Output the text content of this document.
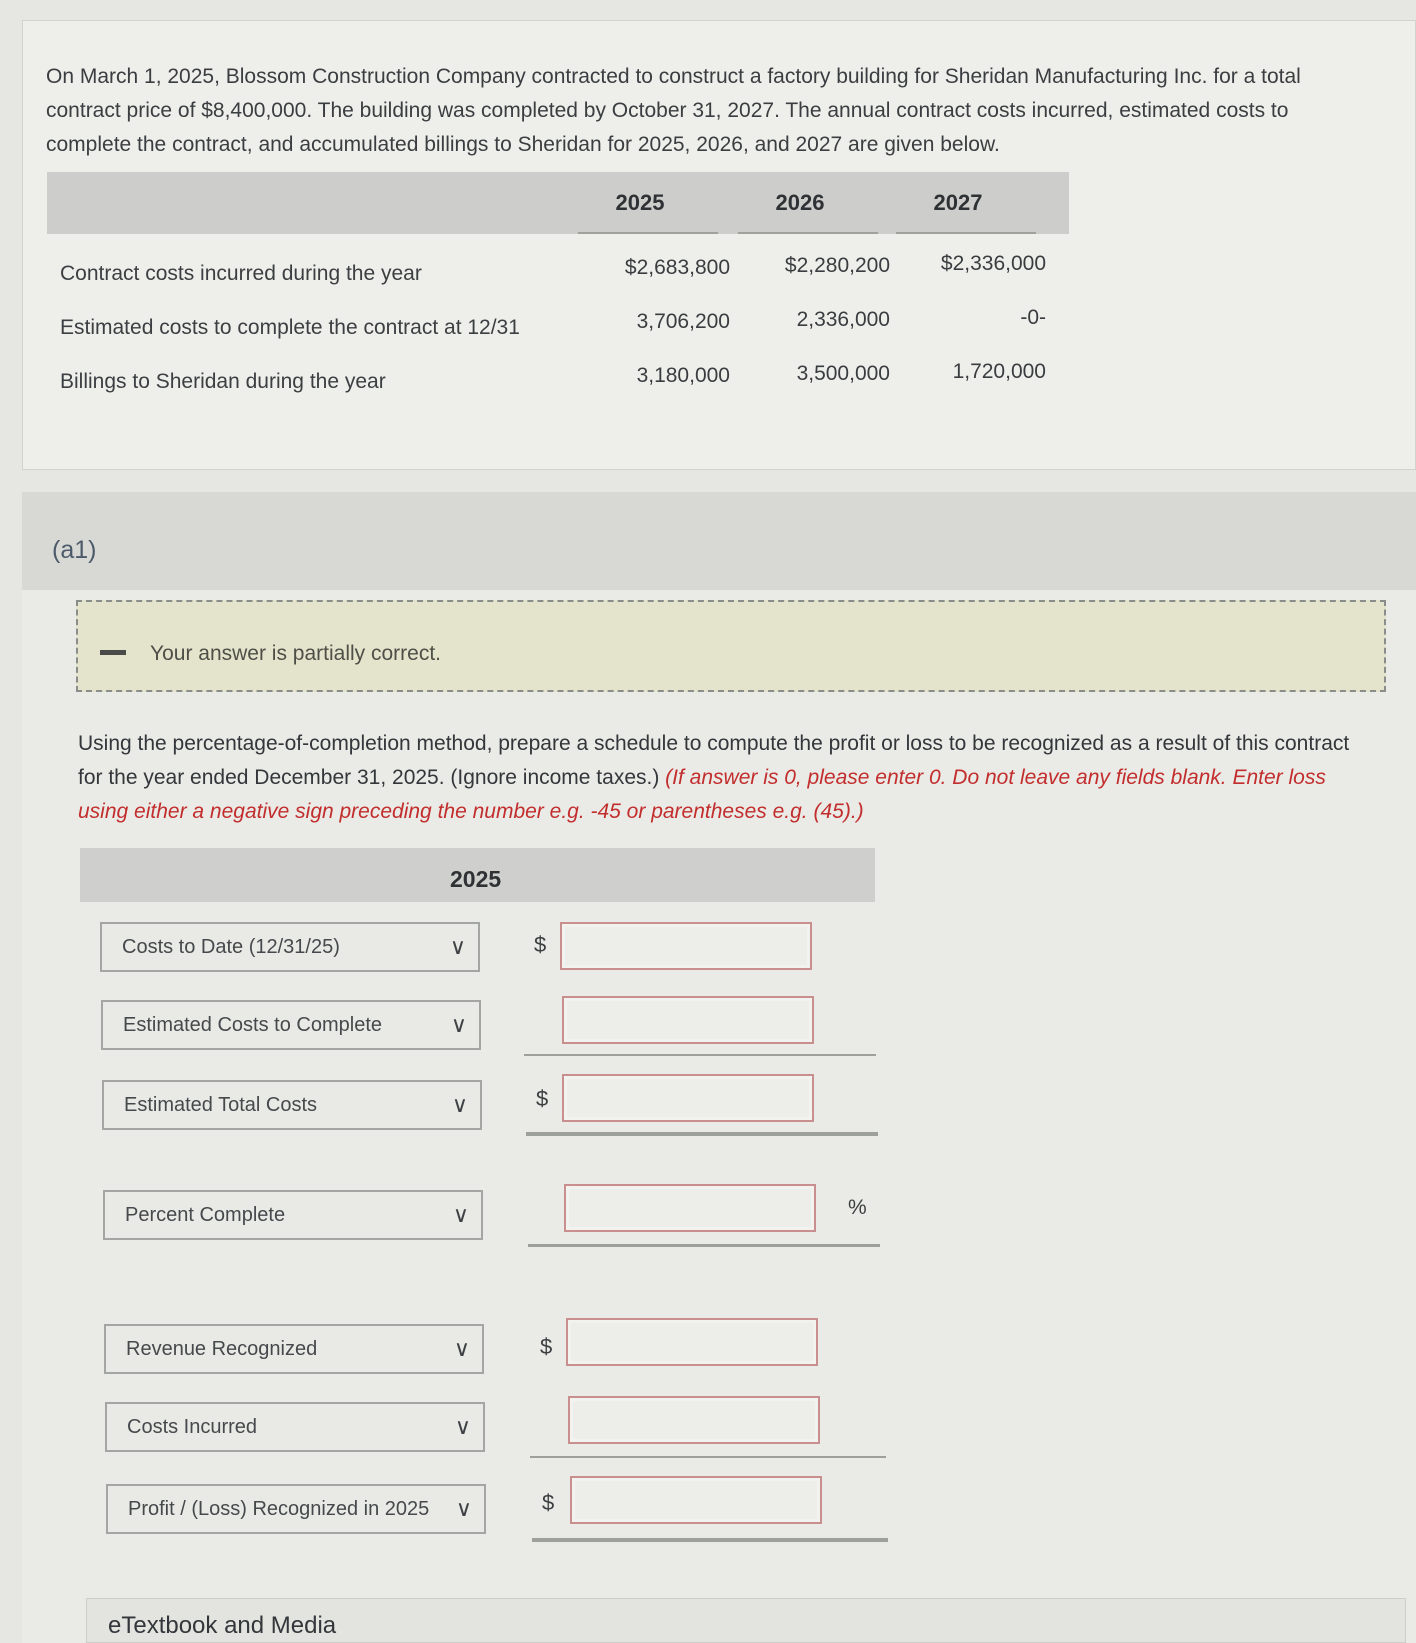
On March 1, 2025, Blossom Construction Company contracted to construct a factory building for Sheridan Manufacturing Inc. for a total contract price of $8,400,000. The building was completed by October 31, 2027. The annual contract costs incurred, estimated costs to complete the contract, and accumulated billings to Sheridan for 2025, 2026, and 2027 are given below.
2025	2026	2027
Contract costs incurred during the year	$2,683,800	$2,280,200	$2,336,000
Estimated costs to complete the contract at 12/31	3,706,200	2,336,000	-0-
Billings to Sheridan during the year	3,180,000	3,500,000	1,720,000
(a1)
Your answer is partially correct.
Using the percentage-of-completion method, prepare a schedule to compute the profit or loss to be recognized as a result of this contract for the year ended December 31, 2025. (Ignore income taxes.) (If answer is 0, please enter 0. Do not leave any fields blank. Enter loss using either a negative sign preceding the number e.g. -45 or parentheses e.g. (45).)
2025
Costs to Date (12/31/25)	∨	$
Estimated Costs to Complete	∨
Estimated Total Costs	∨	$
Percent Complete	∨	%
Revenue Recognized	∨	$
Costs Incurred	∨
Profit / (Loss) Recognized in 2025 ∨	$
eTextbook and Media
